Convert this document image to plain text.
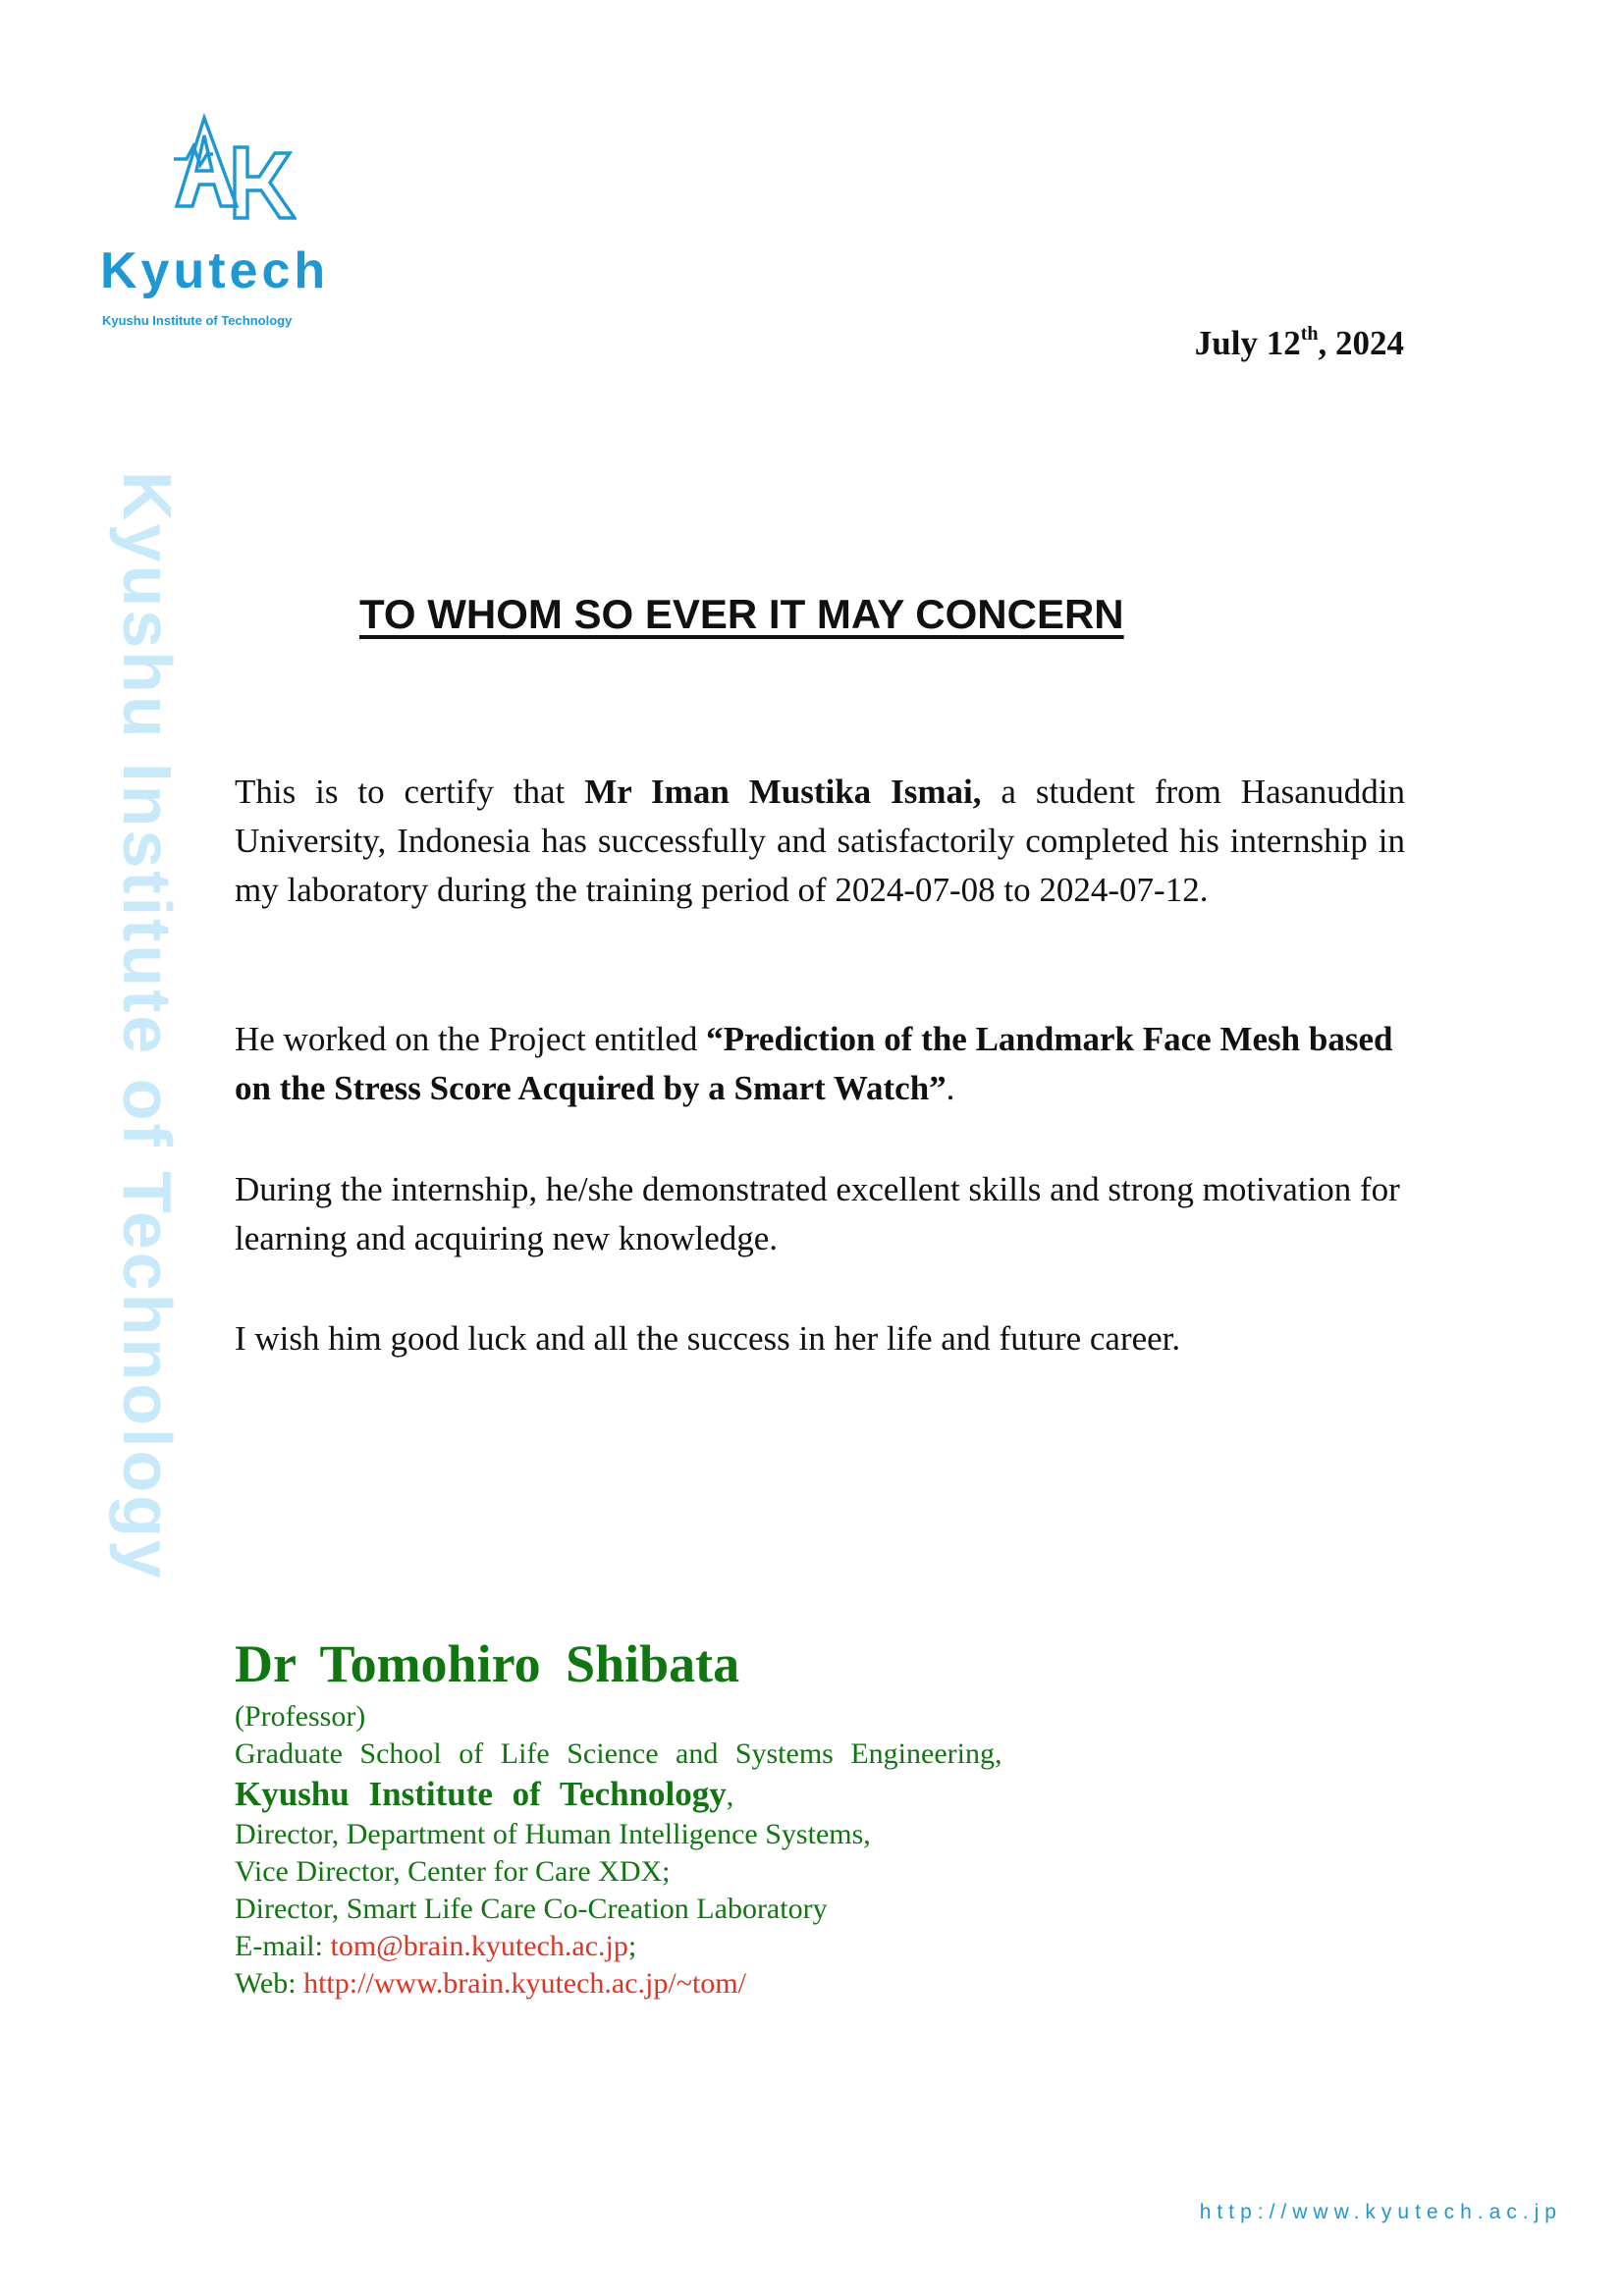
Kyutech
Kyushu Institute of Technology
Kyushu Institute of Technology
July 12th, 2024
TO WHOM SO EVER IT MAY CONCERN
This is to certify that Mr Iman Mustika Ismai, a student from Hasanuddin University, Indonesia has successfully and satisfactorily completed his internship in my laboratory during the training period of 2024-07-08 to 2024-07-12.
He worked on the Project entitled “Prediction of the Landmark Face Mesh based on the Stress Score Acquired by a Smart Watch”.
During the internship, he/she demonstrated excellent skills and strong motivation for learning and acquiring new knowledge.
I wish him good luck and all the success in her life and future career.
Dr Tomohiro Shibata
(Professor)
Graduate School of Life Science and Systems Engineering,
Kyushu Institute of Technology,
Director, Department of Human Intelligence Systems,
Vice Director, Center for Care XDX;
Director, Smart Life Care Co-Creation Laboratory
E-mail: tom@brain.kyutech.ac.jp;
Web: http://www.brain.kyutech.ac.jp/~tom/
http://www.kyutech.ac.jp
